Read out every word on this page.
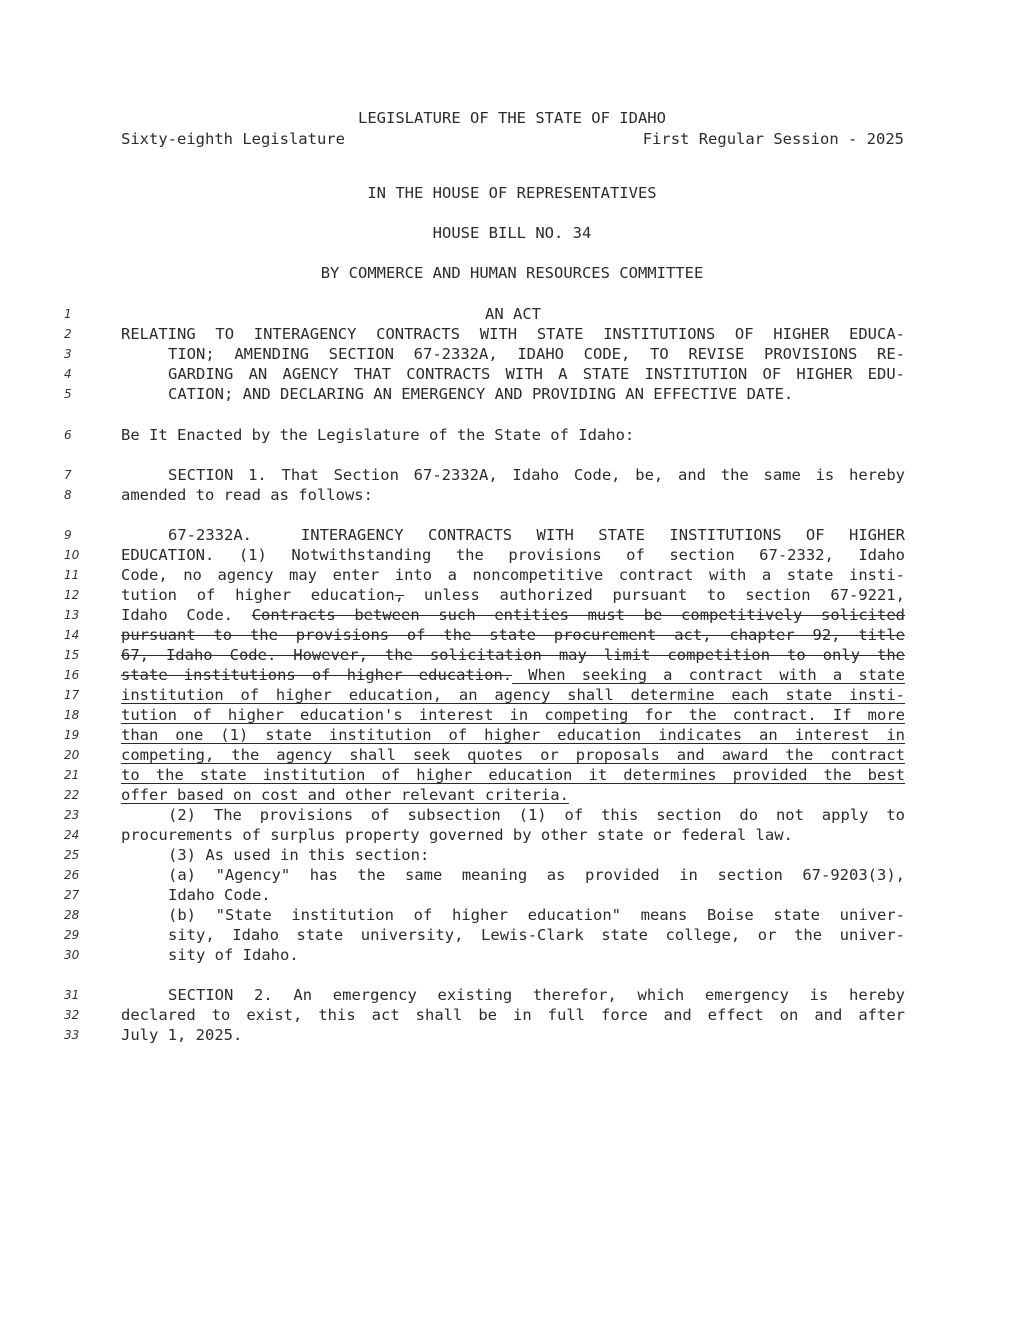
LEGISLATURE OF THE STATE OF IDAHO
Sixty-eighth Legislature	First Regular Session - 2025
IN THE HOUSE OF REPRESENTATIVES
HOUSE BILL NO. 34
BY COMMERCE AND HUMAN RESOURCES COMMITTEE
1	AN ACT
2	RELATING TO INTERAGENCY CONTRACTS WITH STATE INSTITUTIONS OF HIGHER EDUCA-
3	TION; AMENDING SECTION 67-2332A, IDAHO CODE, TO REVISE PROVISIONS RE-
4	GARDING AN AGENCY THAT CONTRACTS WITH A STATE INSTITUTION OF HIGHER EDU-
5	CATION; AND DECLARING AN EMERGENCY AND PROVIDING AN EFFECTIVE DATE.
6	Be It Enacted by the Legislature of the State of Idaho:
7	SECTION 1. That Section 67-2332A, Idaho Code, be, and the same is hereby
8	amended to read as follows:
9	67-2332A.  INTERAGENCY CONTRACTS WITH STATE INSTITUTIONS OF HIGHER
10	EDUCATION. (1) Notwithstanding the provisions of section 67-2332, Idaho
11	Code, no agency may enter into a noncompetitive contract with a state insti-
12	tution of higher education, unless authorized pursuant to section 67-9221,
13	Idaho Code. Contracts between such entities must be competitively solicited
14	pursuant to the provisions of the state procurement act, chapter 92, title
15	67, Idaho Code. However, the solicitation may limit competition to only the
16	state institutions of higher education. When seeking a contract with a state
17	institution of higher education, an agency shall determine each state insti-
18	tution of higher education's interest in competing for the contract. If more
19	than one (1) state institution of higher education indicates an interest in
20	competing, the agency shall seek quotes or proposals and award the contract
21	to the state institution of higher education it determines provided the best
22	offer based on cost and other relevant criteria.
23	(2) The provisions of subsection (1) of this section do not apply to
24	procurements of surplus property governed by other state or federal law.
25	(3) As used in this section:
26	(a) "Agency" has the same meaning as provided in section 67-9203(3),
27	Idaho Code.
28	(b) "State institution of higher education" means Boise state univer-
29	sity, Idaho state university, Lewis-Clark state college, or the univer-
30	sity of Idaho.
31	SECTION 2. An emergency existing therefor, which emergency is hereby
32	declared to exist, this act shall be in full force and effect on and after
33	July 1, 2025.
